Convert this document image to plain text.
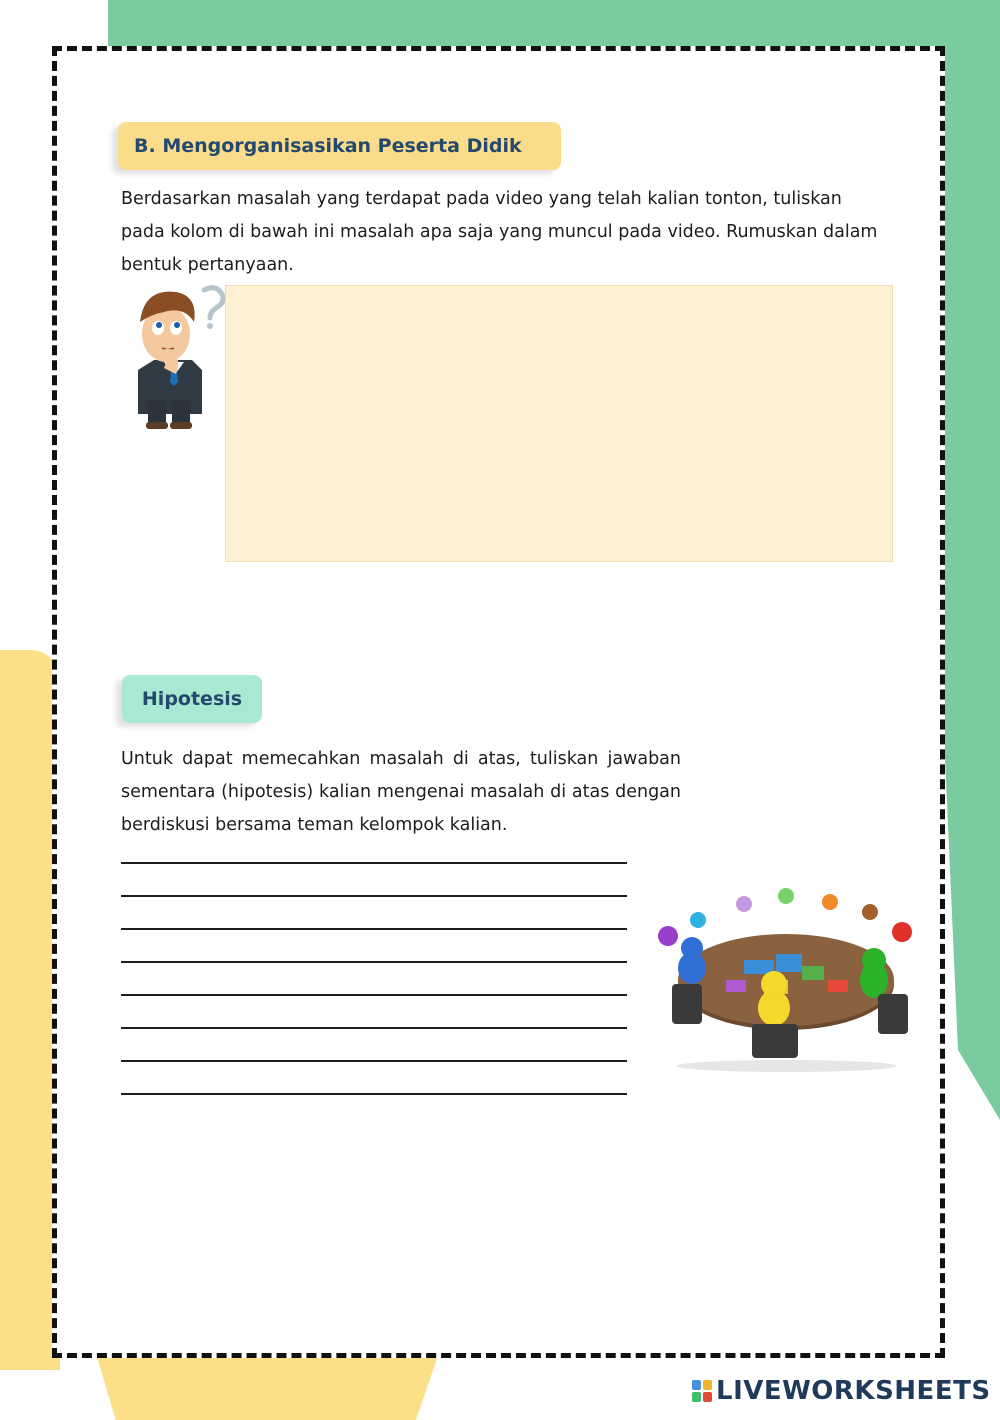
B. Mengorganisasikan Peserta Didik
Berdasarkan masalah yang terdapat pada video yang telah kalian tonton, tuliskan pada kolom di bawah ini masalah apa saja yang muncul pada video. Rumuskan dalam bentuk pertanyaan.
Hipotesis
Untuk dapat memecahkan masalah di atas, tuliskan jawaban sementara (hipotesis) kalian mengenai masalah di atas dengan berdiskusi bersama teman kelompok kalian.
LIVEWORKSHEETS
